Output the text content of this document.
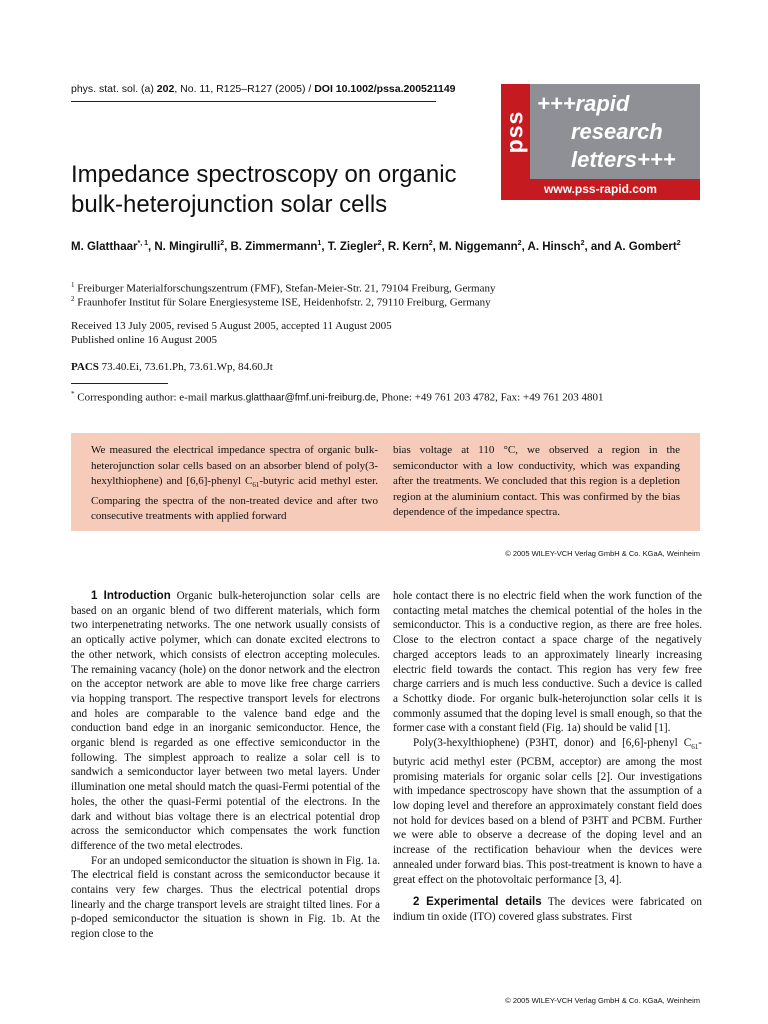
phys. stat. sol. (a) 202, No. 11, R125–R127 (2005) / DOI 10.1002/pssa.200521149
pss
+++rapid
research
letters+++
www.pss-rapid.com
Impedance spectroscopy on organic bulk-heterojunction solar cells
M. Glatthaar$^{*, 1}$, N. Mingirulli$^2$, B. Zimmermann$^1$, T. Ziegler$^2$, R. Kern$^2$, M. Niggemann$^2$, A. Hinsch$^2$, and A. Gombert$^2$
$^1$ Freiburger Materialforschungszentrum (FMF), Stefan-Meier-Str. 21, 79104 Freiburg, Germany
$^2$ Fraunhofer Institut für Solare Energiesysteme ISE, Heidenhofstr. 2, 79110 Freiburg, Germany
Received 13 July 2005, revised 5 August 2005, accepted 11 August 2005
Published online 16 August 2005
PACS 73.40.Ei, 73.61.Ph, 73.61.Wp, 84.60.Jt
* Corresponding author: e-mail markus.glatthaar@fmf.uni-freiburg.de, Phone: +49 761 203 4782, Fax: +49 761 203 4801
We measured the electrical impedance spectra of organic bulk-heterojunction solar cells based on an absorber blend of poly(3-hexylthiophene) and [6,6]-phenyl $C_{61}$-butyric acid methyl ester. Comparing the spectra of the non-treated device and after two consecutive treatments with applied forward
bias voltage at 110 °C, we observed a region in the semiconductor with a low conductivity, which was expanding after the treatments. We concluded that this region is a depletion region at the aluminium contact. This was confirmed by the bias dependence of the impedance spectra.
© 2005 WILEY-VCH Verlag GmbH & Co. KGaA, Weinheim

1 Introduction Organic bulk-heterojunction solar cells are based on an organic blend of two different materials, which form two interpenetrating networks. The one network usually consists of an optically active polymer, which can donate excited electrons to the other network, which consists of electron accepting molecules. The remaining vacancy (hole) on the donor network and the electron on the acceptor network are able to move like free charge carriers via hopping transport. The respective transport levels for electrons and holes are comparable to the valence band edge and the conduction band edge in an inorganic semiconductor. Hence, the organic blend is regarded as one effective semiconductor in the following. The simplest approach to realize a solar cell is to sandwich a semiconductor layer between two metal layers. Under illumination one metal should match the quasi-Fermi potential of the holes, the other the quasi-Fermi potential of the electrons. In the dark and without bias voltage there is an electrical potential drop across the semiconductor which compensates the work function difference of the two metal electrodes.

For an undoped semiconductor the situation is shown in Fig. 1a. The electrical field is constant across the semiconductor because it contains very few charges. Thus the electrical potential drops linearly and the charge transport levels are straight tilted lines. For a p-doped semiconductor the situation is shown in Fig. 1b. At the region close to the

hole contact there is no electric field when the work function of the contacting metal matches the chemical potential of the holes in the semiconductor. This is a conductive region, as there are free holes. Close to the electron contact a space charge of the negatively charged acceptors leads to an approximately linearly increasing electric field towards the contact. This region has very few free charge carriers and is much less conductive. Such a device is called a Schottky diode. For organic bulk-heterojunction solar cells it is commonly assumed that the doping level is small enough, so that the former case with a constant field (Fig. 1a) should be valid [1].

Poly(3-hexylthiophene) (P3HT, donor) and [6,6]-phenyl $C_{61}$-butyric acid methyl ester (PCBM, acceptor) are among the most promising materials for organic solar cells [2]. Our investigations with impedance spectroscopy have shown that the assumption of a low doping level and therefore an approximately constant field does not hold for devices based on a blend of P3HT and PCBM. Further we were able to observe a decrease of the doping level and an increase of the rectification behaviour when the devices were annealed under forward bias. This post-treatment is known to have a great effect on the photovoltaic performance [3, 4].

2 Experimental details The devices were fabricated on indium tin oxide (ITO) covered glass substrates. First

© 2005 WILEY-VCH Verlag GmbH & Co. KGaA, Weinheim
